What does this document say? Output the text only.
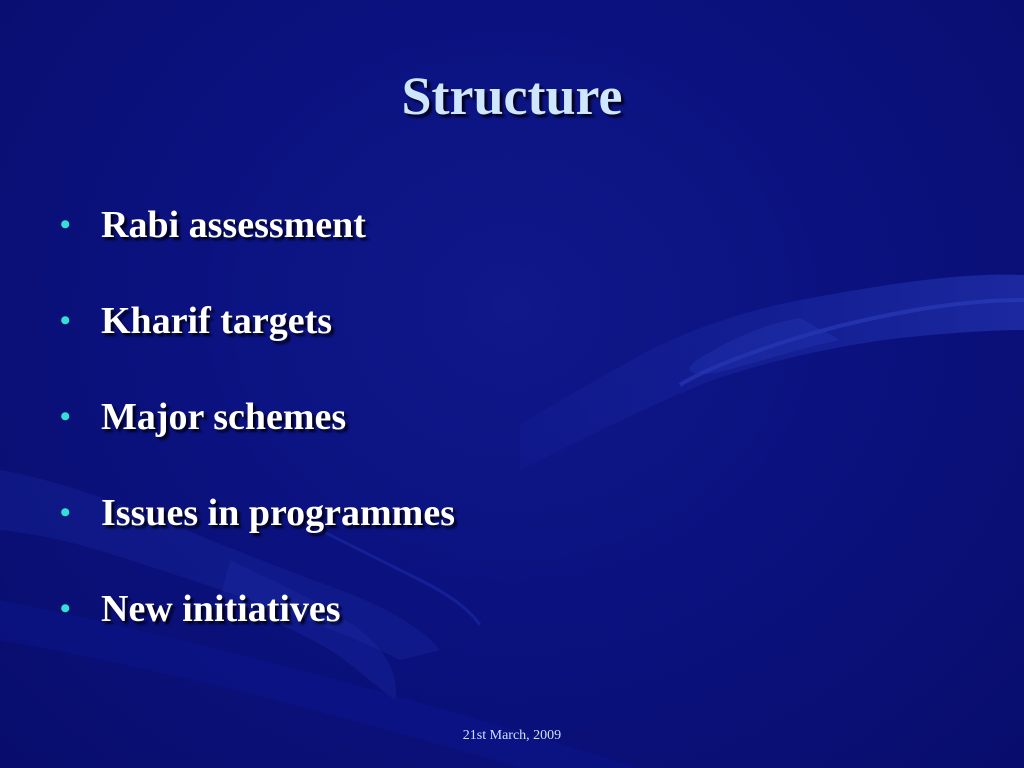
Structure
• Rabi assessment
• Kharif targets
• Major schemes
• Issues in programmes
• New initiatives
21st March, 2009
